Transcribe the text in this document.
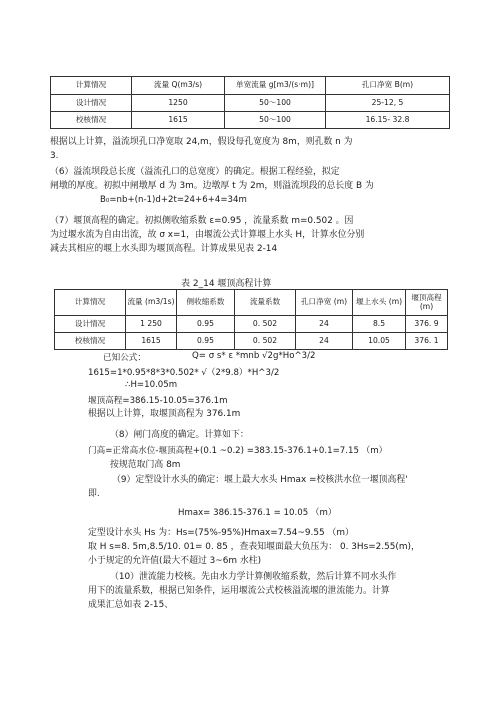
计算情况	流量 Q(m3/s)	单宽流量 g[m3/(s·m)]	孔口净宽 B(m)
设计情况	1250	50～100	25-12, 5
校核情况	1615	50～100	16.15- 32.8
根据以上计算，溢流坝孔口净宽取 24,m，假设每孔宽度为 8m，则孔数 n 为
3.
（6）溢流坝段总长度（溢流孔口的总宽度）的确定。根据工程经验，拟定
闸墩的厚度。初拟中闸墩厚 d 为 3m。边墩厚 t 为 2m，则溢流坝段的总长度 B 为
B₀=nb+(n-1)d+2t=24+6+4=34m
（7）堰顶高程的确定。初拟侧收缩系数 ε=0.95 ，流量系数 m=0.502 。因
为过堰水流为自由出流，故 σ x=1，由堰流公式计算堰上水头 H，计算水位分别
减去其相应的堰上水头即为堰顶高程。计算成果见表 2-14
表 2_14 堰顶高程计算
计算情况	流量 (m3/1s)	侧收缩系数	流量系数	孔口净宽 (m)	堰上水头 (m)	堰顶高程 (m)
设计情况	1 250	0.95	0. 502	24	8.5	376. 9
校核情况	1615	0.95	0. 502	24	10.05	376. 1
已知公式：	Q= σ s* ε *mnb √2g*Ho^3/2
1615=1*0.95*8*3*0.502* √（2*9.8）*H^3/2
∴H=10.05m
堰顶高程=386.15-10.05=376.1m
根据以上计算，取堰顶高程为 376.1m
（8）闸门高度的确定。计算如下：
门高=正常高水位-堰顶高程+(0.1 ~0.2) =383.15-376.1+0.1=7.15 （m）
按规范取门高 8m
（9）定型设计水头的确定：堰上最大水头 Hmax =校核洪水位一堰顶高程'
即.
Hmax= 386.15-376.1 = 10.05 （m）
定型设计水头 Hs 为：Hs=(75%-95%)Hmax=7.54~9.55 （m）
取 H s=8. 5m,8.5/10. 01= 0. 85 ，查表知堰面最大负压为： 0. 3Hs=2.55(m)，
小于规定的允许值(最大不超过 3~6m 水柱)
（10）泄流能力校核。先由水力学计算侧收缩系数，然后计算不同水头作
用下的流量系数，根据已知条件，运用堰流公式校核溢流堰的泄流能力。计算
成果汇总如表 2-15、
